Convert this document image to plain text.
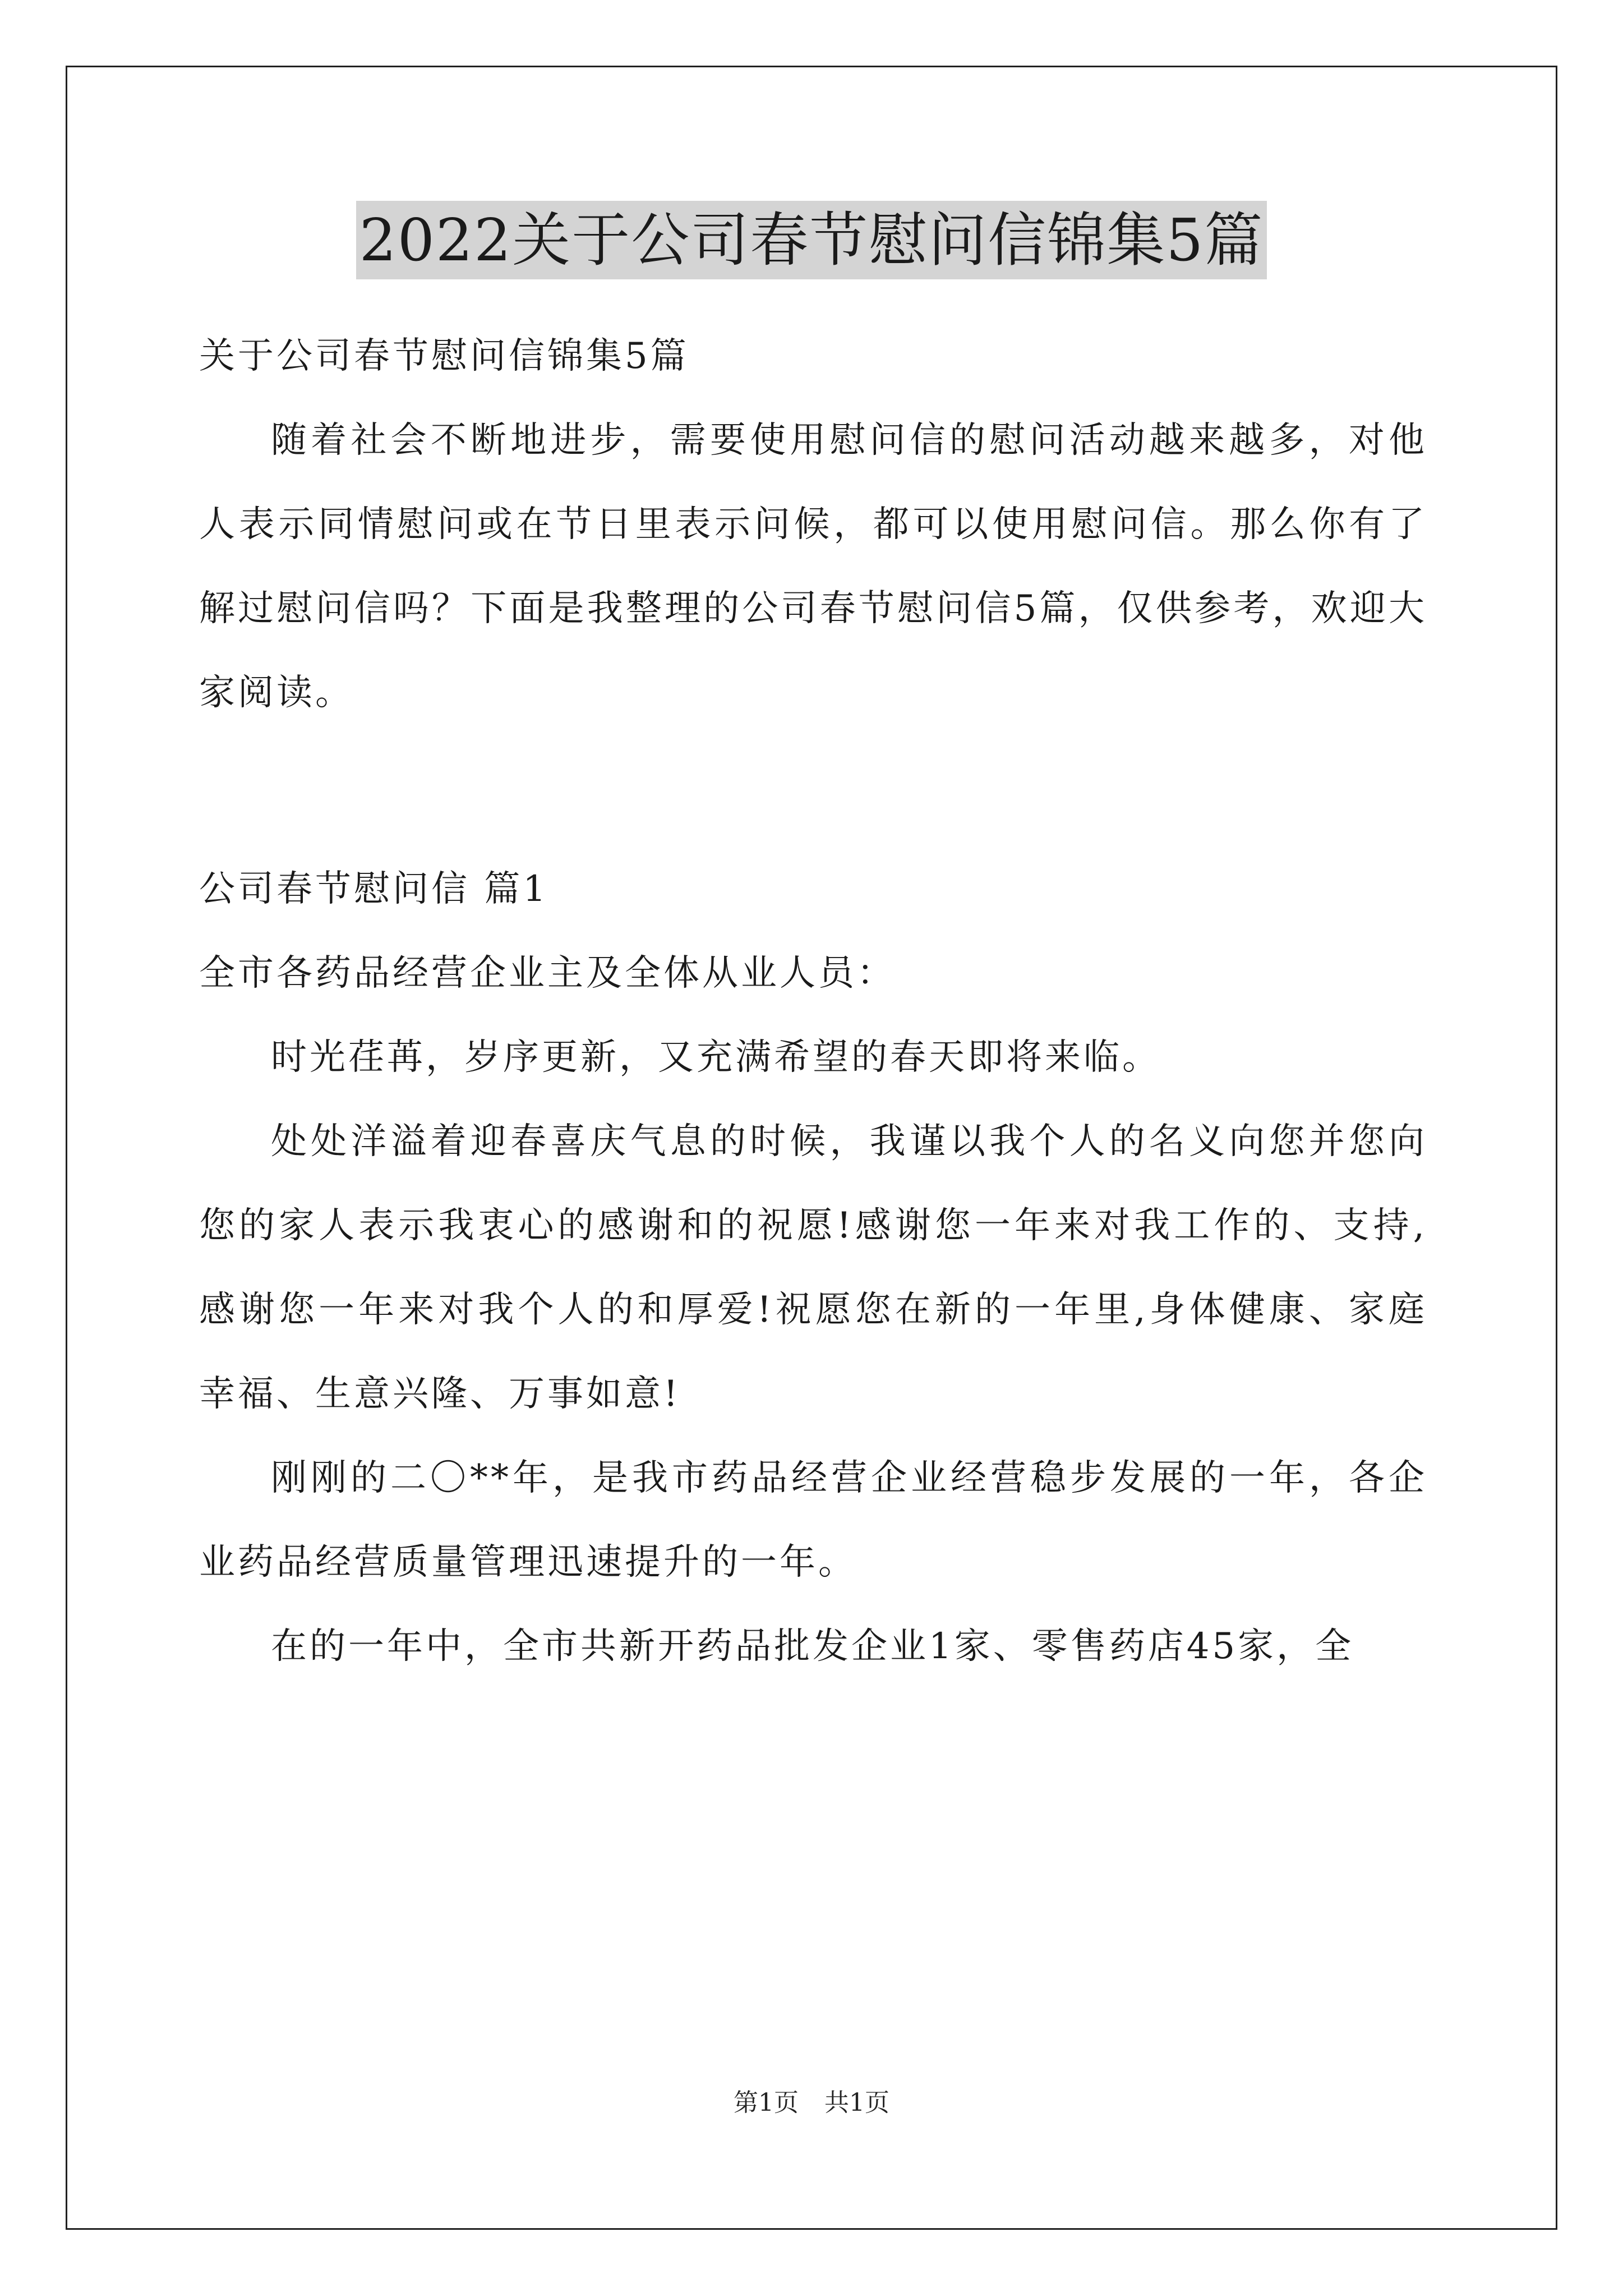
2022关于公司春节慰问信锦集5篇

关于公司春节慰问信锦集5篇

随着社会不断地进步，需要使用慰问信的慰问活动越来越多，对他人表示同情慰问或在节日里表示问候，都可以使用慰问信。那么你有了解过慰问信吗？下面是我整理的公司春节慰问信5篇，仅供参考，欢迎大家阅读。

公司春节慰问信 篇1

全市各药品经营企业主及全体从业人员：

时光荏苒，岁序更新，又充满希望的春天即将来临。

处处洋溢着迎春喜庆气息的时候，我谨以我个人的名义向您并您向您的家人表示我衷心的感谢和的祝愿!感谢您一年来对我工作的、支持,感谢您一年来对我个人的和厚爱!祝愿您在新的一年里,身体健康、家庭幸福、生意兴隆、万事如意!

刚刚的二〇**年，是我市药品经营企业经营稳步发展的一年，各企业药品经营质量管理迅速提升的一年。

在的一年中，全市共新开药品批发企业1家、零售药店45家，全

第1页 共1页
